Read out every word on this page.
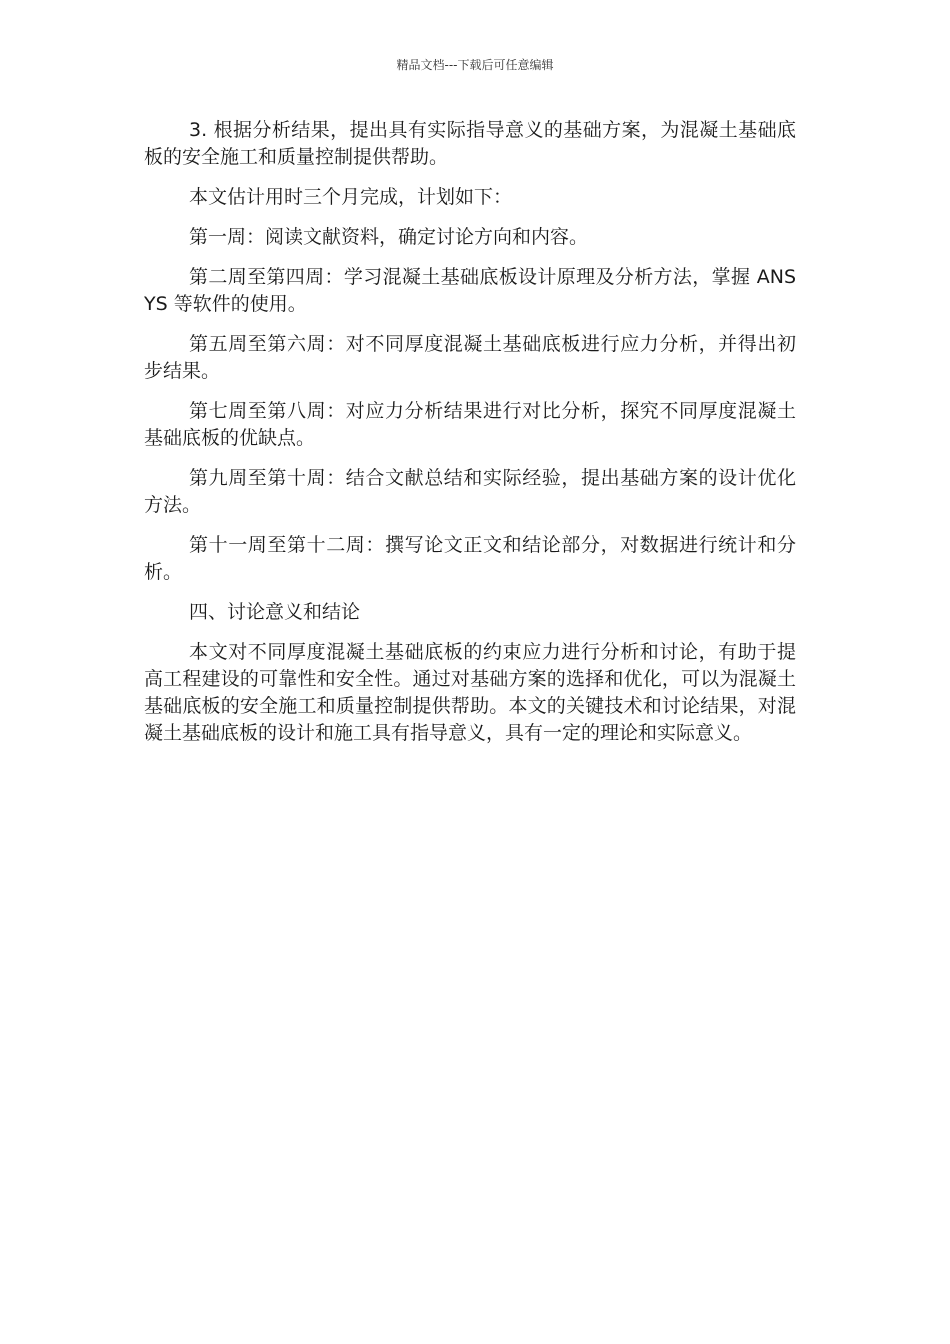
精品文档---下载后可任意编辑

3. 根据分析结果，提出具有实际指导意义的基础方案，为混凝土基础底板的安全施工和质量控制提供帮助。

本文估计用时三个月完成，计划如下：

第一周：阅读文献资料，确定讨论方向和内容。

第二周至第四周：学习混凝土基础底板设计原理及分析方法，掌握 ANSYS 等软件的使用。

第五周至第六周：对不同厚度混凝土基础底板进行应力分析，并得出初步结果。

第七周至第八周：对应力分析结果进行对比分析，探究不同厚度混凝土基础底板的优缺点。

第九周至第十周：结合文献总结和实际经验，提出基础方案的设计优化方法。

第十一周至第十二周：撰写论文正文和结论部分，对数据进行统计和分析。

四、讨论意义和结论

本文对不同厚度混凝土基础底板的约束应力进行分析和讨论，有助于提高工程建设的可靠性和安全性。通过对基础方案的选择和优化，可以为混凝土基础底板的安全施工和质量控制提供帮助。本文的关键技术和讨论结果，对混凝土基础底板的设计和施工具有指导意义，具有一定的理论和实际意义。
